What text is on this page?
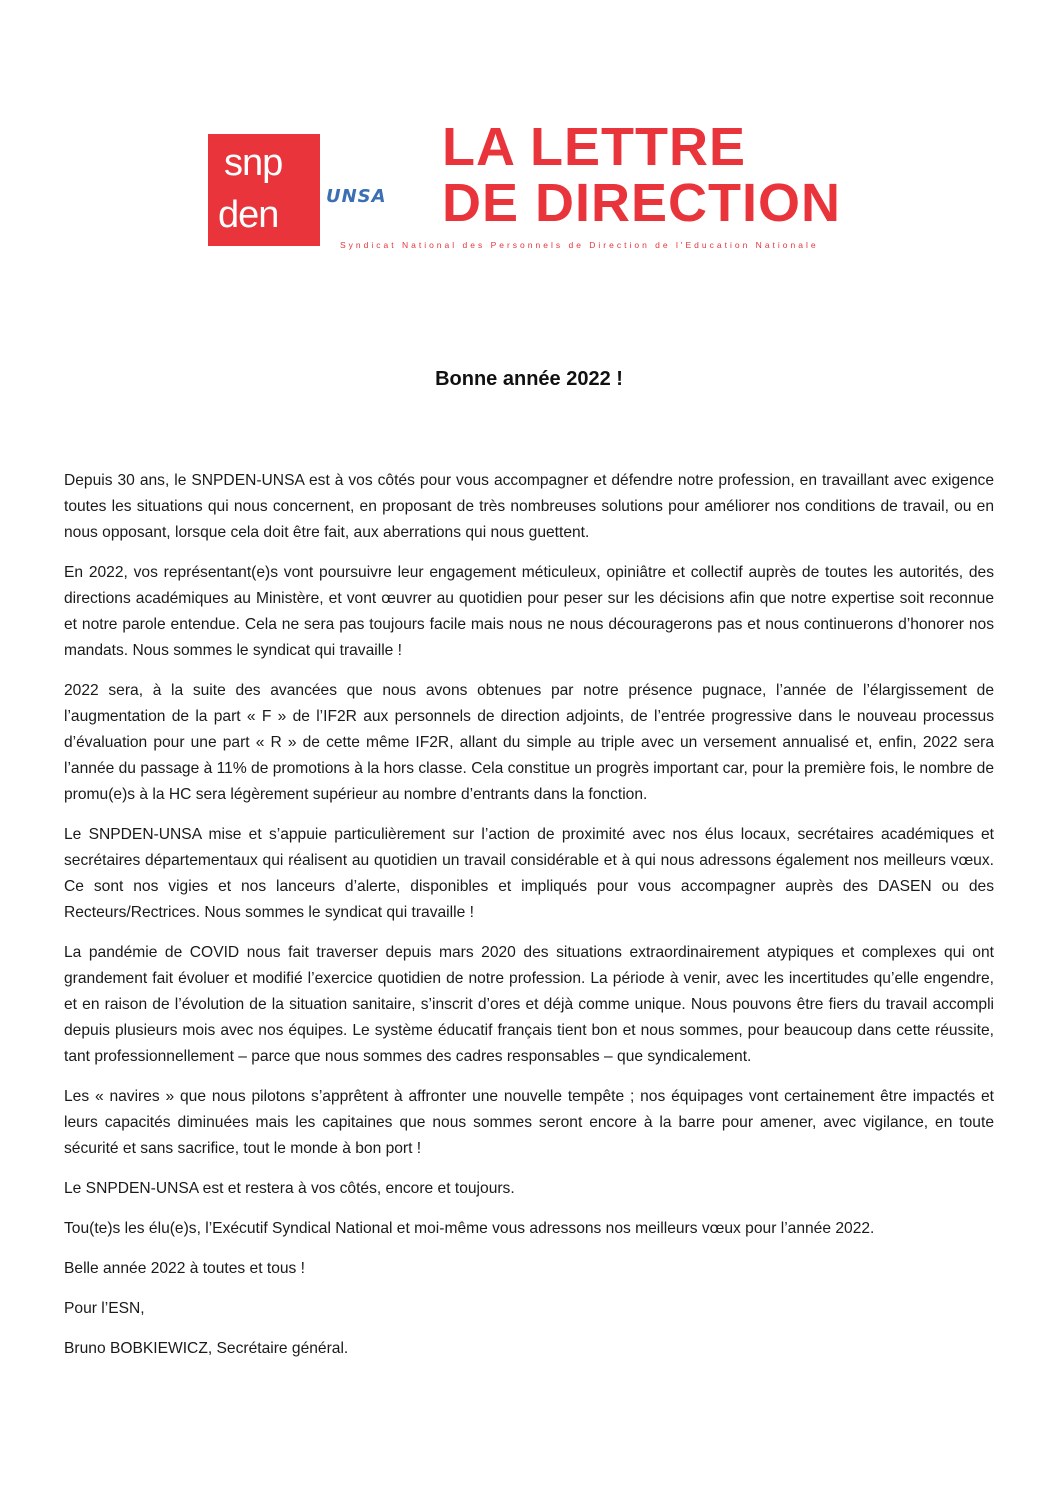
snp
den	UNSA
LA LETTRE
DE DIRECTION
Syndicat National des Personnels de Direction de l'Education Nationale
Bonne année 2022 !

Depuis 30 ans, le SNPDEN-UNSA est à vos côtés pour vous accompagner et défendre notre profession, en travaillant avec exigence toutes les situations qui nous concernent, en proposant de très nombreuses solutions pour améliorer nos conditions de travail, ou en nous opposant, lorsque cela doit être fait, aux aberrations qui nous guettent.

En 2022, vos représentant(e)s vont poursuivre leur engagement méticuleux, opiniâtre et collectif auprès de toutes les autorités, des directions académiques au Ministère, et vont œuvrer au quotidien pour peser sur les décisions afin que notre expertise soit reconnue et notre parole entendue. Cela ne sera pas toujours facile mais nous ne nous découragerons pas et nous continuerons d’honorer nos mandats. Nous sommes le syndicat qui travaille !

2022 sera, à la suite des avancées que nous avons obtenues par notre présence pugnace, l’année de l’élargissement de l’augmentation de la part « F » de l’IF2R aux personnels de direction adjoints, de l’entrée progressive dans le nouveau processus d’évaluation pour une part « R » de cette même IF2R, allant du simple au triple avec un versement annualisé et, enfin, 2022 sera l’année du passage à 11% de promotions à la hors classe. Cela constitue un progrès important car, pour la première fois, le nombre de promu(e)s à la HC sera légèrement supérieur au nombre d’entrants dans la fonction.

Le SNPDEN-UNSA mise et s’appuie particulièrement sur l’action de proximité avec nos élus locaux, secrétaires académiques et secrétaires départementaux qui réalisent au quotidien un travail considérable et à qui nous adressons également nos meilleurs vœux. Ce sont nos vigies et nos lanceurs d’alerte, disponibles et impliqués pour vous accompagner auprès des DASEN ou des Recteurs/Rectrices. Nous sommes le syndicat qui travaille !

La pandémie de COVID nous fait traverser depuis mars 2020 des situations extraordinairement atypiques et complexes qui ont grandement fait évoluer et modifié l’exercice quotidien de notre profession. La période à venir, avec les incertitudes qu’elle engendre, et en raison de l’évolution de la situation sanitaire, s’inscrit d’ores et déjà comme unique. Nous pouvons être fiers du travail accompli depuis plusieurs mois avec nos équipes. Le système éducatif français tient bon et nous sommes, pour beaucoup dans cette réussite, tant professionnellement – parce que nous sommes des cadres responsables – que syndicalement.

Les « navires » que nous pilotons s’apprêtent à affronter une nouvelle tempête ; nos équipages vont certainement être impactés et leurs capacités diminuées mais les capitaines que nous sommes seront encore à la barre pour amener, avec vigilance, en toute sécurité et sans sacrifice, tout le monde à bon port !

Le SNPDEN-UNSA est et restera à vos côtés, encore et toujours.

Tou(te)s les élu(e)s, l’Exécutif Syndical National et moi-même vous adressons nos meilleurs vœux pour l’année 2022.

Belle année 2022 à toutes et tous !

Pour l’ESN,

Bruno BOBKIEWICZ, Secrétaire général.
